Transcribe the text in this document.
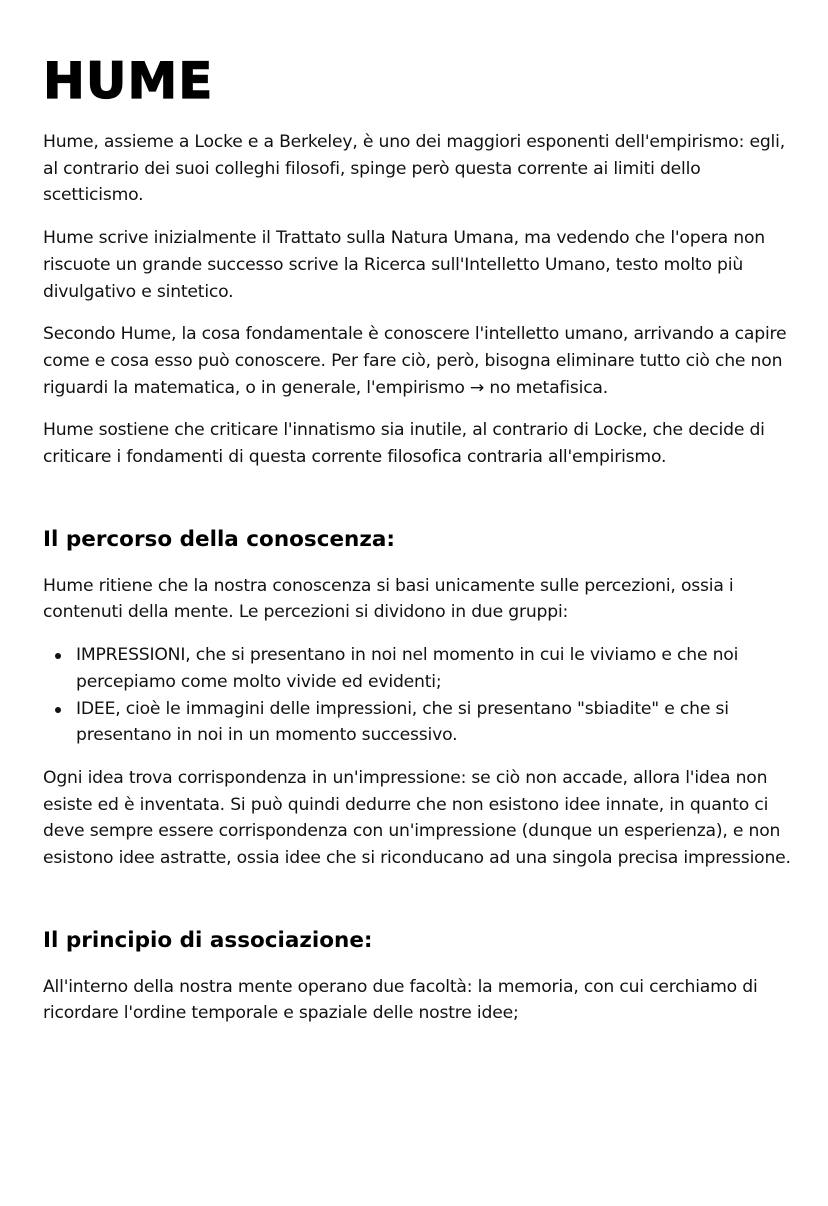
HUME

Hume, assieme a Locke e a Berkeley, è uno dei maggiori esponenti dell'empirismo: egli, al contrario dei suoi colleghi filosofi, spinge però questa corrente ai limiti dello scetticismo.

Hume scrive inizialmente il Trattato sulla Natura Umana, ma vedendo che l'opera non riscuote un grande successo scrive la Ricerca sull'Intelletto Umano, testo molto più divulgativo e sintetico.

Secondo Hume, la cosa fondamentale è conoscere l'intelletto umano, arrivando a capire come e cosa esso può conoscere. Per fare ciò, però, bisogna eliminare tutto ciò che non riguardi la matematica, o in generale, l'empirismo → no metafisica.

Hume sostiene che criticare l'innatismo sia inutile, al contrario di Locke, che decide di criticare i fondamenti di questa corrente filosofica contraria all'empirismo.

Il percorso della conoscenza:

Hume ritiene che la nostra conoscenza si basi unicamente sulle percezioni, ossia i contenuti della mente. Le percezioni si dividono in due gruppi:

IMPRESSIONI, che si presentano in noi nel momento in cui le viviamo e che noi percepiamo come molto vivide ed evidenti;
IDEE, cioè le immagini delle impressioni, che si presentano "sbiadite" e che si presentano in noi in un momento successivo.

Ogni idea trova corrispondenza in un'impressione: se ciò non accade, allora l'idea non esiste ed è inventata. Si può quindi dedurre che non esistono idee innate, in quanto ci deve sempre essere corrispondenza con un'impressione (dunque un esperienza), e non esistono idee astratte, ossia idee che si riconducano ad una singola precisa impressione.

Il principio di associazione:

All'interno della nostra mente operano due facoltà: la memoria, con cui cerchiamo di ricordare l'ordine temporale e spaziale delle nostre idee;
